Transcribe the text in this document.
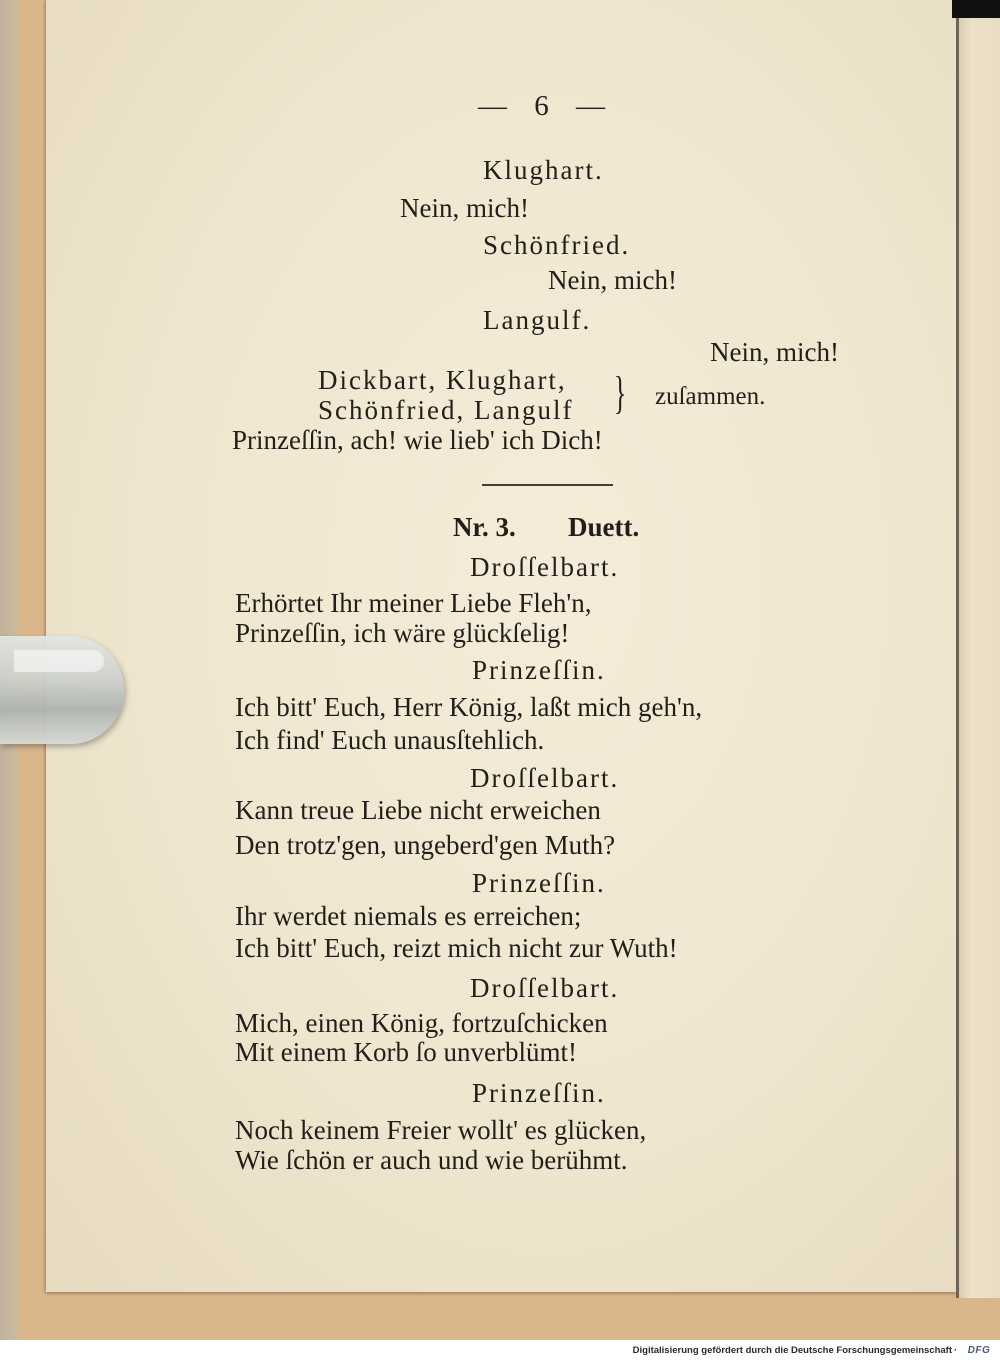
— 6 —
Klughart.
Nein, mich!
Schönfried.
Nein, mich!
Langulf.
Nein, mich!
Dickbart, Klughart,
Schönfried, Langulf } zuſammen.
Prinzeſſin, ach! wie lieb' ich Dich!
Nr. 3. Duett.
Droſſelbart.
Erhörtet Ihr meiner Liebe Fleh'n,
Prinzeſſin, ich wäre glückſelig!
Prinzeſſin.
Ich bitt' Euch, Herr König, laßt mich geh'n,
Ich find' Euch unausſtehlich.
Droſſelbart.
Kann treue Liebe nicht erweichen
Den trotz'gen, ungeberd'gen Muth?
Prinzeſſin.
Ihr werdet niemals es erreichen;
Ich bitt' Euch, reizt mich nicht zur Wuth!
Droſſelbart.
Mich, einen König, fortzuſchicken
Mit einem Korb ſo unverblümt!
Prinzeſſin.
Noch keinem Freier wollt' es glücken,
Wie ſchön er auch und wie berühmt.
Digitalisierung gefördert durch die Deutsche Forschungsgemeinschaft ·	DFG
